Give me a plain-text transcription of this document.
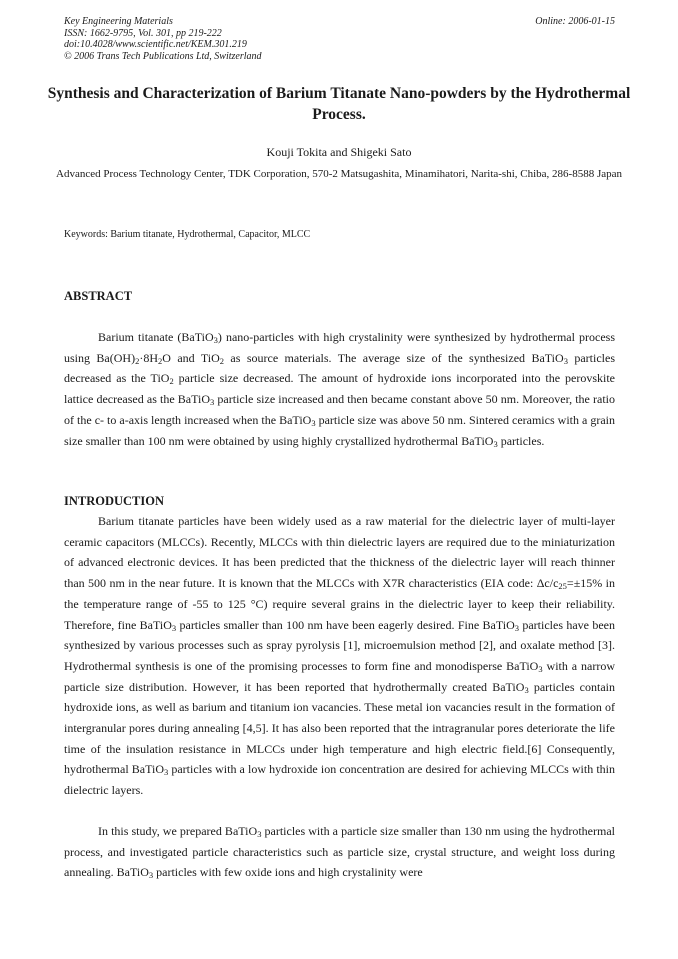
Key Engineering Materials
ISSN: 1662-9795, Vol. 301, pp 219-222
doi:10.4028/www.scientific.net/KEM.301.219
© 2006 Trans Tech Publications Ltd, Switzerland
Online: 2006-01-15
Synthesis and Characterization of Barium Titanate Nano-powders by the Hydrothermal Process.
Kouji Tokita and Shigeki Sato
Advanced Process Technology Center, TDK Corporation, 570-2 Matsugashita, Minamihatori, Narita-shi, Chiba, 286-8588 Japan
Keywords: Barium titanate, Hydrothermal, Capacitor, MLCC
ABSTRACT

Barium titanate (BaTiO$_3$) nano-particles with high crystalinity were synthesized by hydrothermal process using $Ba(OH)_2\cdot 8H_2O$ and TiO$_2$ as source materials. The average size of the synthesized BaTiO$_3$ particles decreased as the TiO$_2$ particle size decreased. The amount of hydroxide ions incorporated into the perovskite lattice decreased as the BaTiO$_3$ particle size increased and then became constant above 50 nm. Moreover, the ratio of the c- to a-axis length increased when the BaTiO$_3$ particle size was above 50 nm. Sintered ceramics with a grain size smaller than 100 nm were obtained by using highly crystallized hydrothermal BaTiO$_3$ particles.

INTRODUCTION

Barium titanate particles have been widely used as a raw material for the dielectric layer of multi-layer ceramic capacitors (MLCCs). Recently, MLCCs with thin dielectric layers are required due to the miniaturization of advanced electronic devices. It has been predicted that the thickness of the dielectric layer will reach thinner than 500 nm in the near future. It is known that the MLCCs with X7R characteristics (EIA code: $\Delta c/c_{25}=\pm 15\%$ in the temperature range of -55 to 125 °C) require several grains in the dielectric layer to keep their reliability. Therefore, fine BaTiO$_3$ particles smaller than 100 nm have been eagerly desired. Fine BaTiO$_3$ particles have been synthesized by various processes such as spray pyrolysis [1], microemulsion method [2], and oxalate method [3]. Hydrothermal synthesis is one of the promising processes to form fine and monodisperse BaTiO$_3$ with a narrow particle size distribution. However, it has been reported that hydrothermally created BaTiO$_3$ particles contain hydroxide ions, as well as barium and titanium ion vacancies. These metal ion vacancies result in the formation of intergranular pores during annealing [4,5]. It has also been reported that the intragranular pores deteriorate the life time of the insulation resistance in MLCCs under high temperature and high electric field.[6] Consequently, hydrothermal BaTiO$_3$ particles with a low hydroxide ion concentration are desired for achieving MLCCs with thin dielectric layers.

In this study, we prepared BaTiO$_3$ particles with a particle size smaller than 130 nm using the hydrothermal process, and investigated particle characteristics such as particle size, crystal structure, and weight loss during annealing. BaTiO$_3$ particles with few oxide ions and high crystalinity were
